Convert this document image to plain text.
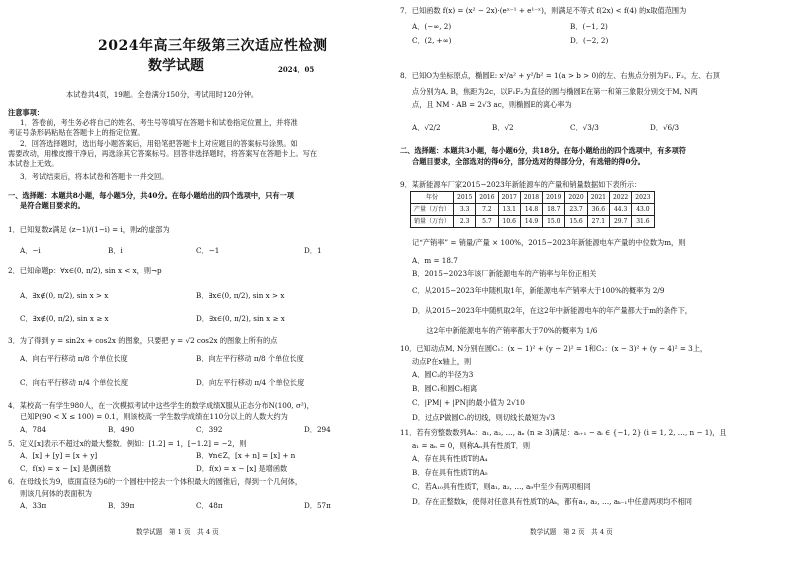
2024年高三年级第三次适应性检测
数学试题	2024．05
本试卷共4页，19题。全卷满分150分，考试用时120分钟。
注意事项：
1．答卷前，考生务必将自己的姓名、考生号等填写在答题卡和试卷指定位置上，并将准
考证号条形码粘贴在答题卡上的指定位置。
2．回答选择题时，选出每小题答案后，用铅笔把答题卡上对应题目的答案标号涂黑。如
需要改动，用橡皮擦干净后，再选涂其它答案标号。回答非选择题时，将答案写在答题卡上。写在
本试卷上无效。
3．考试结束后，将本试卷和答题卡一并交回。
一、选择题：本题共8小题，每小题5分，共40分。在每小题给出的四个选项中，只有一项
是符合题目要求的。
1．已知复数z满足 (z−1)/(1−i) = i，则z的虚部为
A．−i	B．i	C．−1	D．1
2．已知命题p：∀x∈(0, π/2), sin x < x，则¬p
A．∃x∉(0, π/2), sin x > x	B．∃x∈(0, π/2), sin x > x
C．∃x∉(0, π/2), sin x ≥ x	D．∃x∈(0, π/2), sin x ≥ x
3．为了得到 y = sin2x + cos2x 的图象，只要把 y = √2 cos2x 的图象上所有的点
A．向右平行移动 π/8 个单位长度	B．向左平行移动 π/8 个单位长度
C．向右平行移动 π/4 个单位长度	D．向左平行移动 π/4 个单位长度
4．某校高一有学生980人，在一次模拟考试中这些学生的数学成绩X服从正态分布N(100, σ²)，
已知P(90 < X ≤ 100) = 0.1，则该校高一学生数学成绩在110分以上的人数大约为
A．784	B．490	C．392	D．294
5．定义[x]表示不超过x的最大整数．例如：[1.2] = 1，[−1.2] = −2，则
A．[x] + [y] = [x + y]	B．∀n∈Z，[x + n] = [x] + n
C．f(x) = x − [x] 是偶函数	D．f(x) = x − [x] 是增函数
6．在母线长为9，底面直径为6的一个圆柱中挖去一个体积最大的圆锥后，得到一个几何体，
则该几何体的表面积为
A．33π	B．39π	C．48π	D．57π
数学试题　第 1 页　共 4 页
7．已知函数 f(x) = (x² − 2x)·(eˣ⁻¹ + e¹⁻ˣ)，则满足不等式 f(2x) < f(4) 的x取值范围为
A．(−∞, 2)	B．(−1, 2)
C．(2, +∞)	D．(−2, 2)
8．已知O为坐标原点，椭圆E: x²/a² + y²/b² = 1(a > b > 0)的左、右焦点分别为F₁, F₂，左、右顶
点分别为A, B，焦距为2c，以F₁F₂为直径的圆与椭圆E在第一和第三象限分别交于M, N两
点，且 NM · AB = 2√3 ac，则椭圆E的离心率为
A．√2/2	B．√2	C．√3/3	D．√6/3
二、选择题：本题共3小题，每小题6分，共18分。在每小题给出的四个选项中，有多项符
合题目要求，全部选对的得6分，部分选对的得部分分，有选错的得0分。
9．某新能源车厂家2015−2023年新能源车的产量和销量数据如下表所示：
年份	2015	2016	2017	2018	2019	2020	2021	2022	2023
产量（万台）	3.3	7.2	13.1	14.8	18.7	23.7	36.6	44.3	43.0
销量（万台）	2.3	5.7	10.6	14.9	15.0	15.6	27.1	29.7	31.6
记“产销率” = 销量/产量 × 100%，2015−2023年新能源电车产量的中位数为m，则
A．m = 18.7
B．2015−2023年该厂新能源电车的产销率与年份正相关
C．从2015−2023年中随机取1年，新能源电车产销率大于100%的概率为 2/9
D．从2015−2023年中随机取2年，在这2年中新能源电车的年产量都大于m的条件下，
　　这2年中新能源电车的产销率都大于70%的概率为 1/6
10．已知动点M, N分别在圆C₁：(x − 1)² + (y − 2)² = 1和C₂：(x − 3)² + (y − 4)² = 3上，
动点P在x轴上，则
A．圆C₂的半径为3
B．圆C₁和圆C₂相离
C．|PM| + |PN|的最小值为 2√10
D．过点P做圆C₁的切线，则切线长最短为√3
11．若有穷整数数列Aₙ：a₁, a₂, …, aₙ (n ≥ 3)满足：aᵢ₊₁ − aᵢ ∈ {−1, 2} (i = 1, 2, …, n − 1)，且
a₁ = aₙ = 0，则称Aₙ具有性质T．则
A．存在具有性质T的A₄
B．存在具有性质T的A₅
C．若A₁₀具有性质T，则a₁, a₂, …, a₉中至少有两项相同
D．存在正整数k，使得对任意具有性质T的Aₖ，都有a₁, a₂, …, aₖ₋₁中任意两项均不相同
数学试题　第 2 页　共 4 页
